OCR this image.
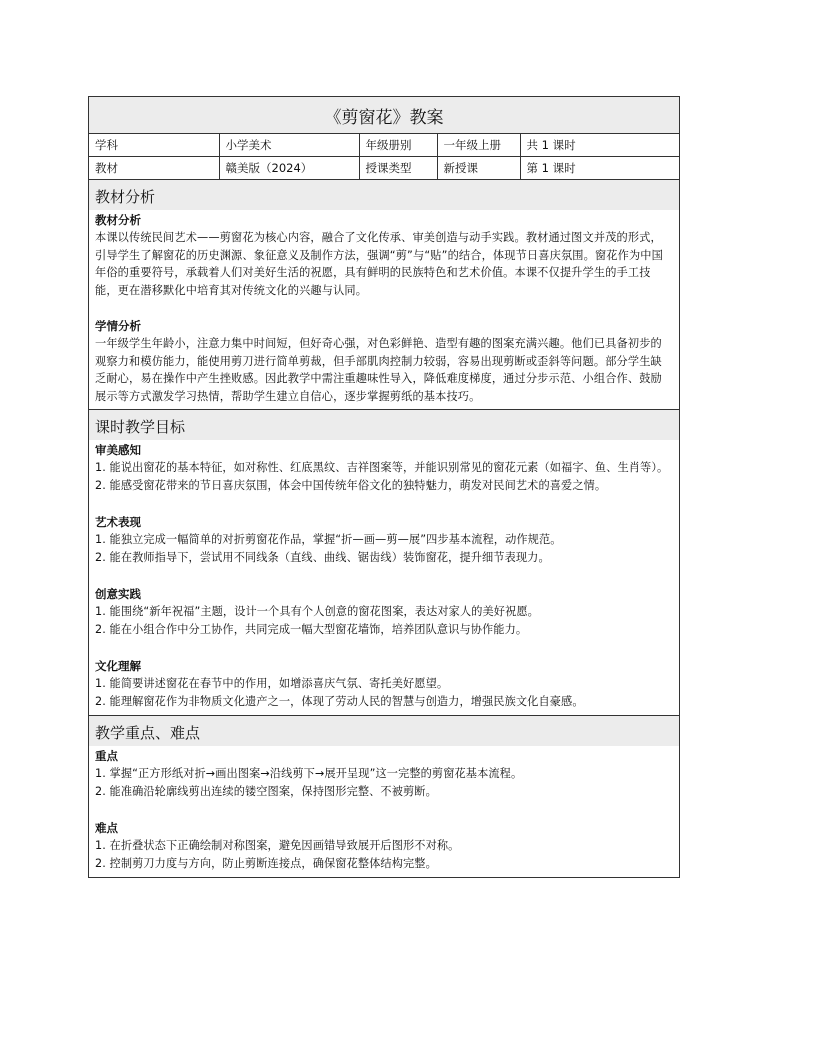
《剪窗花》教案
学科	小学美术	年级册别	一年级上册	共 1 课时
教材	赣美版（2024）	授课类型	新授课	第 1 课时
教材分析
教材分析
本课以传统民间艺术——剪窗花为核心内容，融合了文化传承、审美创造与动手实践。教材通过图文并茂的形式，引导学生了解窗花的历史渊源、象征意义及制作方法，强调“剪”与“贴”的结合，体现节日喜庆氛围。窗花作为中国年俗的重要符号，承载着人们对美好生活的祝愿，具有鲜明的民族特色和艺术价值。本课不仅提升学生的手工技能，更在潜移默化中培育其对传统文化的兴趣与认同。
学情分析
一年级学生年龄小，注意力集中时间短，但好奇心强，对色彩鲜艳、造型有趣的图案充满兴趣。他们已具备初步的观察力和模仿能力，能使用剪刀进行简单剪裁，但手部肌肉控制力较弱，容易出现剪断或歪斜等问题。部分学生缺乏耐心，易在操作中产生挫败感。因此教学中需注重趣味性导入，降低难度梯度，通过分步示范、小组合作、鼓励展示等方式激发学习热情，帮助学生建立自信心，逐步掌握剪纸的基本技巧。
课时教学目标
审美感知
1. 能说出窗花的基本特征，如对称性、红底黑纹、吉祥图案等，并能识别常见的窗花元素（如福字、鱼、生肖等）。
2. 能感受窗花带来的节日喜庆氛围，体会中国传统年俗文化的独特魅力，萌发对民间艺术的喜爱之情。
艺术表现
1. 能独立完成一幅简单的对折剪窗花作品，掌握“折—画—剪—展”四步基本流程，动作规范。
2. 能在教师指导下，尝试用不同线条（直线、曲线、锯齿线）装饰窗花，提升细节表现力。
创意实践
1. 能围绕“新年祝福”主题，设计一个具有个人创意的窗花图案，表达对家人的美好祝愿。
2. 能在小组合作中分工协作，共同完成一幅大型窗花墙饰，培养团队意识与协作能力。
文化理解
1. 能简要讲述窗花在春节中的作用，如增添喜庆气氛、寄托美好愿望。
2. 能理解窗花作为非物质文化遗产之一，体现了劳动人民的智慧与创造力，增强民族文化自豪感。
教学重点、难点
重点
1. 掌握“正方形纸对折→画出图案→沿线剪下→展开呈现”这一完整的剪窗花基本流程。
2. 能准确沿轮廓线剪出连续的镂空图案，保持图形完整、不被剪断。
难点
1. 在折叠状态下正确绘制对称图案，避免因画错导致展开后图形不对称。
2. 控制剪刀力度与方向，防止剪断连接点，确保窗花整体结构完整。
